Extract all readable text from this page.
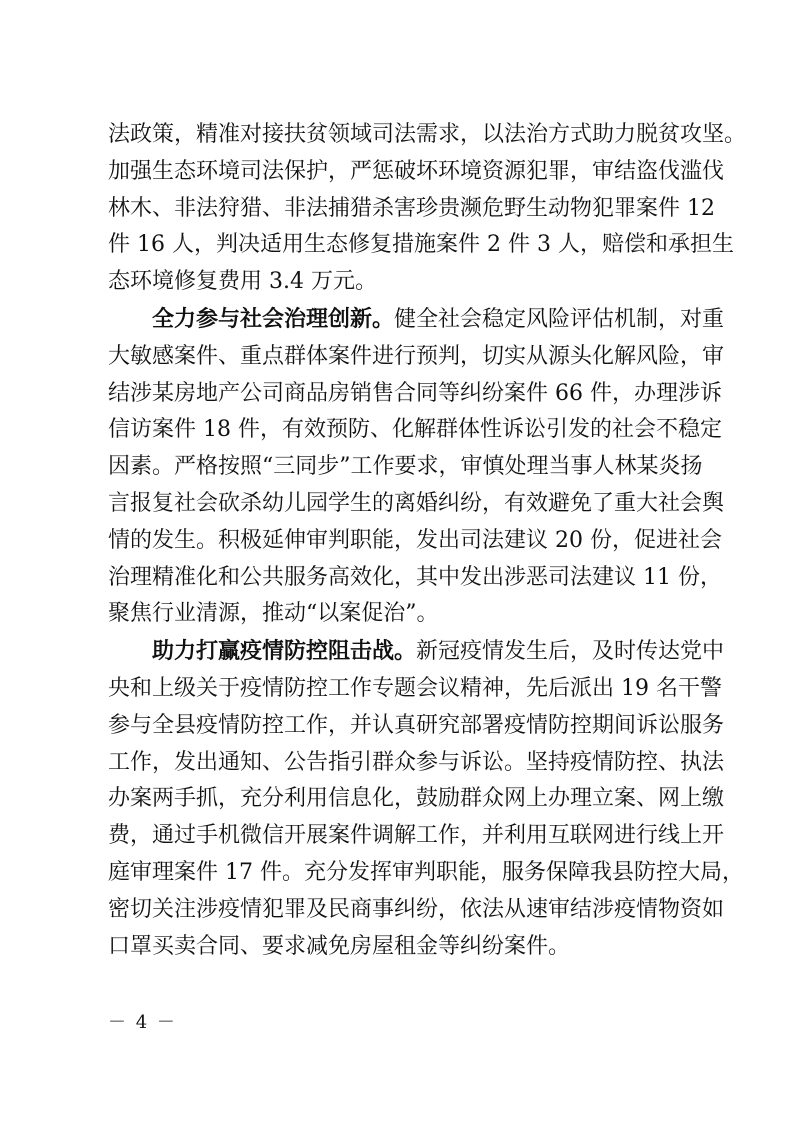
法政策，精准对接扶贫领域司法需求，以法治方式助力脱贫攻坚。
加强生态环境司法保护，严惩破坏环境资源犯罪，审结盗伐滥伐
林木、非法狩猎、非法捕猎杀害珍贵濒危野生动物犯罪案件 12
件 16 人，判决适用生态修复措施案件 2 件 3 人，赔偿和承担生
态环境修复费用 3.4 万元。
全力参与社会治理创新。健全社会稳定风险评估机制，对重
大敏感案件、重点群体案件进行预判，切实从源头化解风险，审
结涉某房地产公司商品房销售合同等纠纷案件 66 件，办理涉诉
信访案件 18 件，有效预防、化解群体性诉讼引发的社会不稳定
因素。严格按照“三同步”工作要求，审慎处理当事人林某炎扬
言报复社会砍杀幼儿园学生的离婚纠纷，有效避免了重大社会舆
情的发生。积极延伸审判职能，发出司法建议 20 份，促进社会
治理精准化和公共服务高效化，其中发出涉恶司法建议 11 份，
聚焦行业清源，推动“以案促治”。
助力打赢疫情防控阻击战。新冠疫情发生后，及时传达党中
央和上级关于疫情防控工作专题会议精神，先后派出 19 名干警
参与全县疫情防控工作，并认真研究部署疫情防控期间诉讼服务
工作，发出通知、公告指引群众参与诉讼。坚持疫情防控、执法
办案两手抓，充分利用信息化，鼓励群众网上办理立案、网上缴
费，通过手机微信开展案件调解工作，并利用互联网进行线上开
庭审理案件 17 件。充分发挥审判职能，服务保障我县防控大局，
密切关注涉疫情犯罪及民商事纠纷，依法从速审结涉疫情物资如
口罩买卖合同、要求减免房屋租金等纠纷案件。
－ 4 －
